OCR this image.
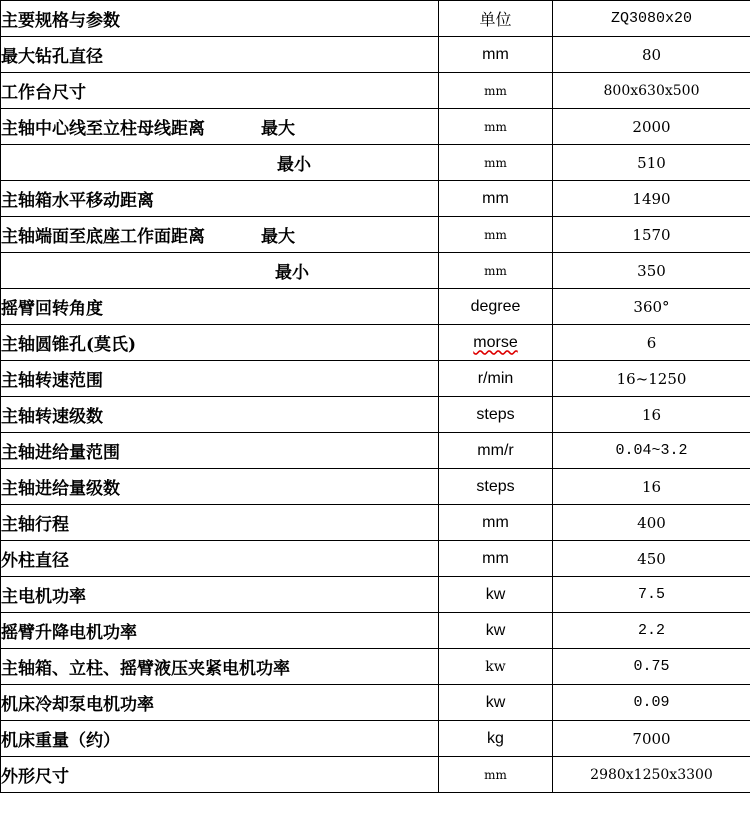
主要规格与参数	单位	ZQ3080x20
最大钻孔直径	mm	80
工作台尺寸	mm	800x630x500
主轴中心线至立柱母线距离 最大	mm	2000
最小	mm	510
主轴箱水平移动距离	mm	1490
主轴端面至底座工作面距离 最大	mm	1570
最小	mm	350
摇臂回转角度	degree	360°
主轴圆锥孔(莫氏)	morse	6
主轴转速范围	r/min	16~1250
主轴转速级数	steps	16
主轴进给量范围	mm/r	0.04~3.2
主轴进给量级数	steps	16
主轴行程	mm	400
外柱直径	mm	450
主电机功率	kw	7.5
摇臂升降电机功率	kw	2.2
主轴箱、立柱、摇臂液压夹紧电机功率	kw	0.75
机床冷却泵电机功率	kw	0.09
机床重量（约）	kg	7000
外形尺寸	mm	2980x1250x3300
